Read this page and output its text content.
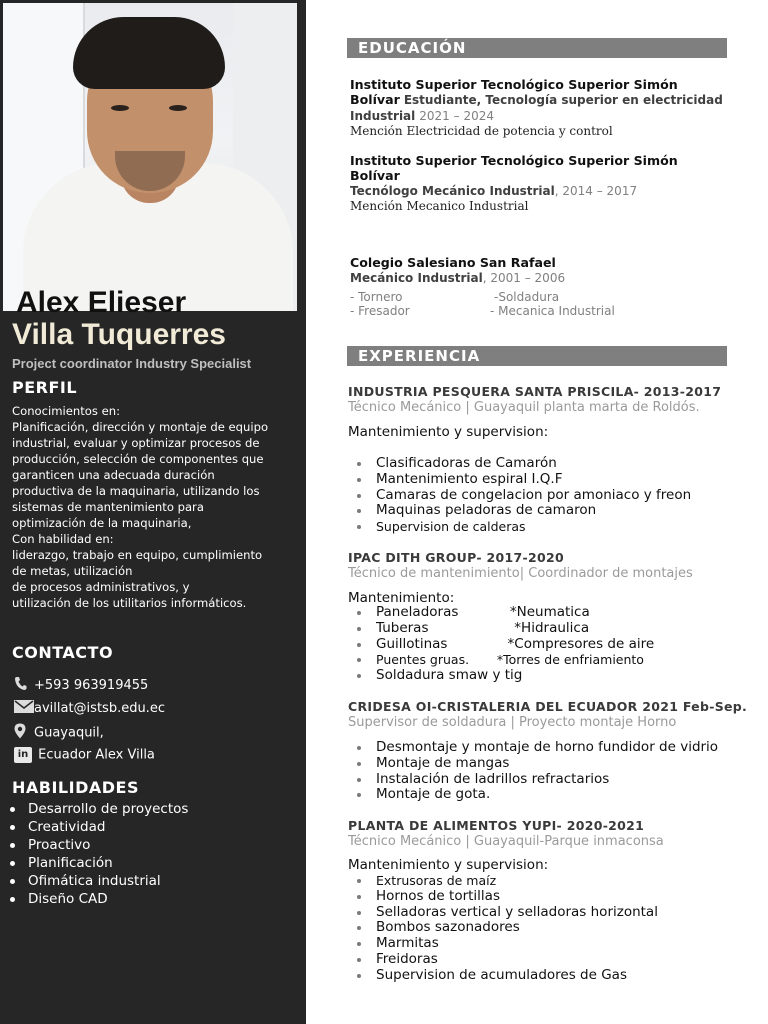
Alex Elieser
Villa Tuquerres
Project coordinator Industry Specialist
PERFIL
Conocimientos en:
Planificación, dirección y montaje de equipo industrial, evaluar y optimizar procesos de producción, selección de componentes que garanticen una adecuada duración productiva de la maquinaria, utilizando los sistemas de mantenimiento para optimización de la maquinaria,
Con habilidad en:
liderazgo, trabajo en equipo, cumplimiento de metas, utilización
de procesos administrativos, y
utilización de los utilitarios informáticos.
CONTACTO
+593 963919455
avillat@istsb.edu.ec
Guayaquil,
in Ecuador Alex Villa
HABILIDADES
Desarrollo de proyectos
Creatividad
Proactivo
Planificación
Ofimática industrial
Diseño CAD
EDUCACIÓN
Instituto Superior Tecnológico Superior Simón Bolívar Estudiante, Tecnología superior en electricidad Industrial 2021 – 2024
Mención Electricidad de potencia y control
Instituto Superior Tecnológico Superior Simón Bolívar
Tecnólogo Mecánico Industrial, 2014 – 2017
Mención Mecanico Industrial
Colegio Salesiano San Rafael
Mecánico Industrial, 2001 – 2006
- Tornero
- Fresador
-Soldadura
- Mecanica Industrial
EXPERIENCIA
INDUSTRIA PESQUERA SANTA PRISCILA- 2013-2017
Técnico Mecánico | Guayaquil planta marta de Roldós.
Mantenimiento y supervision:
Clasificadoras de Camarón
Mantenimiento espiral I.Q.F
Camaras de congelacion por amoniaco y freon
Maquinas peladoras de camaron
Supervision de calderas
IPAC DITH GROUP- 2017-2020
Técnico de mantenimiento| Coordinador de montajes
Mantenimiento:
Paneladoras            *Neumatica
Tuberas                    *Hidraulica
Guillotinas              *Compresores de aire
Puentes gruas.       *Torres de enfriamiento
Soldadura smaw y tig
CRIDESA OI-CRISTALERIA DEL ECUADOR 2021 Feb-Sep.
Supervisor de soldadura | Proyecto montaje Horno
Desmontaje y montaje de horno fundidor de vidrio
Montaje de mangas
Instalación de ladrillos refractarios
Montaje de gota.
PLANTA DE ALIMENTOS YUPI- 2020-2021
Técnico Mecánico | Guayaquil-Parque inmaconsa
Mantenimiento y supervision:
Extrusoras de maíz
Hornos de tortillas
Selladoras vertical y selladoras horizontal
Bombos sazonadores
Marmitas
Freidoras
Supervision de acumuladores de Gas
